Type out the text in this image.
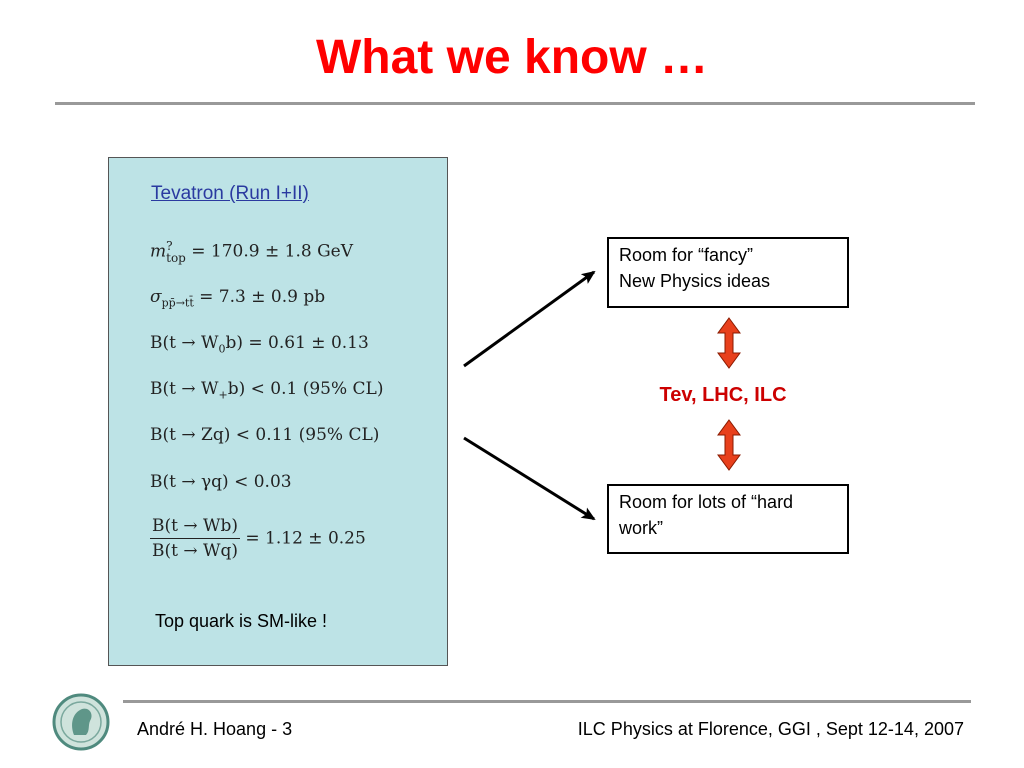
What we know …
Tevatron (Run I+II)
m ?
top = 170.9 ± 1.8 GeV
$\sigma_{pp̄\to tt̄} = 7.3 \pm 0.9$ pb
$B(t \to W_0b) = 0.61 \pm 0.13$
$B(t \to W_+b) < 0.1$ (95% CL)
B(t → Zq) < 0.11 (95% CL)
B(t → γq) < 0.03
$\frac{B(t \to Wb)}{B(t \to Wq)} = 1.12 \pm 0.25$
Top quark is SM-like !
Room for “fancy”
New Physics ideas
Room for lots of “hard
work”
Tev, LHC, ILC
André H. Hoang - 3	ILC Physics at Florence, GGI , Sept 12-14, 2007
